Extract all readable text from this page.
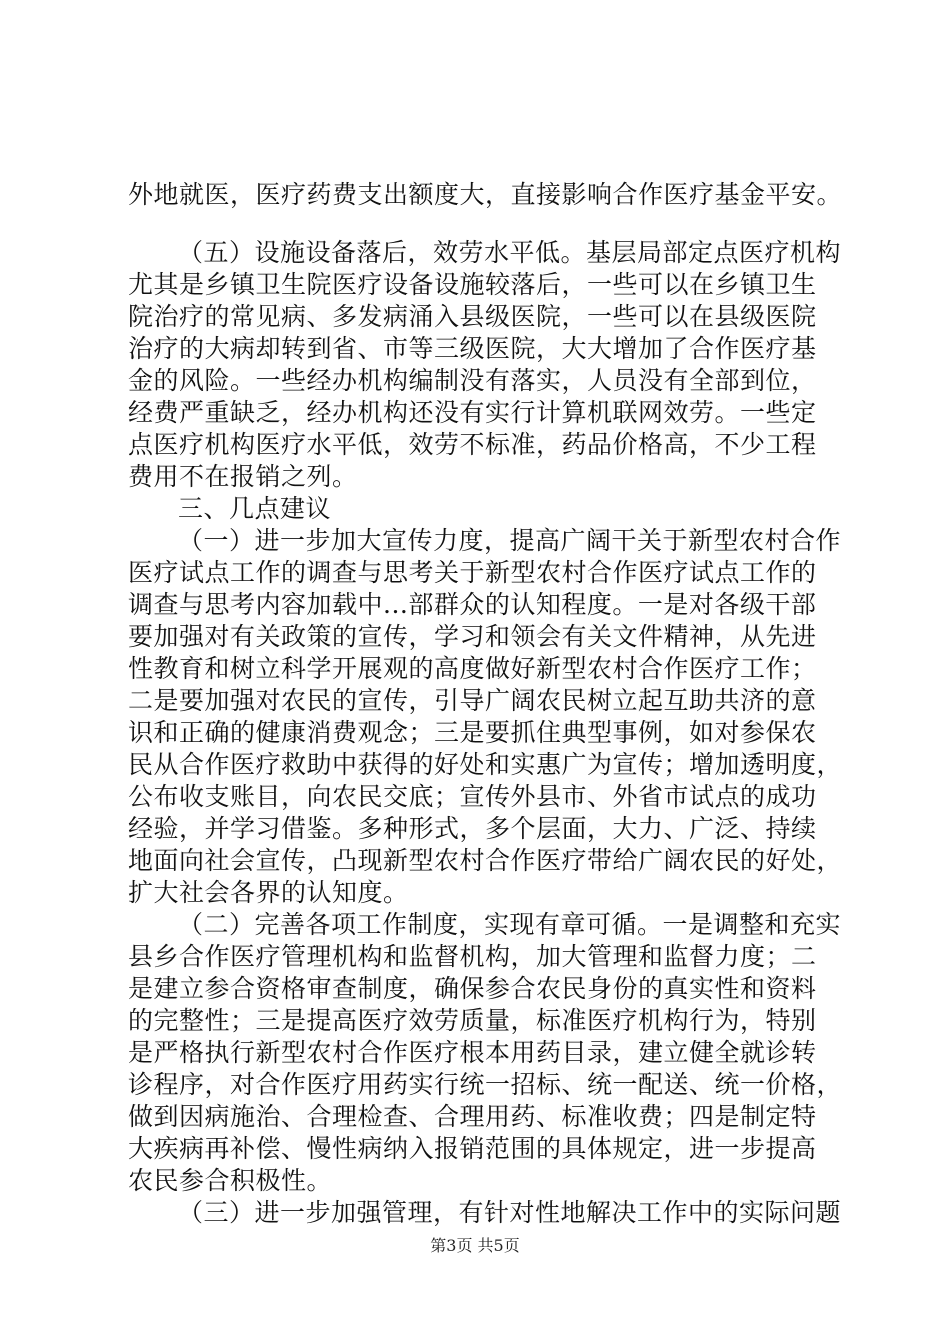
外地就医，医疗药费支出额度大，直接影响合作医疗基金平安。
（五）设施设备落后，效劳水平低。基层局部定点医疗机构
尤其是乡镇卫生院医疗设备设施较落后，一些可以在乡镇卫生
院治疗的常见病、多发病涌入县级医院，一些可以在县级医院
治疗的大病却转到省、市等三级医院，大大增加了合作医疗基
金的风险。一些经办机构编制没有落实，人员没有全部到位，
经费严重缺乏，经办机构还没有实行计算机联网效劳。一些定
点医疗机构医疗水平低，效劳不标准，药品价格高，不少工程
费用不在报销之列。
三、几点建议
（一）进一步加大宣传力度，提高广阔干关于新型农村合作
医疗试点工作的调查与思考关于新型农村合作医疗试点工作的
调查与思考内容加载中...部群众的认知程度。一是对各级干部
要加强对有关政策的宣传，学习和领会有关文件精神，从先进
性教育和树立科学开展观的高度做好新型农村合作医疗工作；
二是要加强对农民的宣传，引导广阔农民树立起互助共济的意
识和正确的健康消费观念；三是要抓住典型事例，如对参保农
民从合作医疗救助中获得的好处和实惠广为宣传；增加透明度，
公布收支账目，向农民交底；宣传外县市、外省市试点的成功
经验，并学习借鉴。多种形式，多个层面，大力、广泛、持续
地面向社会宣传，凸现新型农村合作医疗带给广阔农民的好处，
扩大社会各界的认知度。
（二）完善各项工作制度，实现有章可循。一是调整和充实
县乡合作医疗管理机构和监督机构，加大管理和监督力度；二
是建立参合资格审查制度，确保参合农民身份的真实性和资料
的完整性；三是提高医疗效劳质量，标准医疗机构行为，特别
是严格执行新型农村合作医疗根本用药目录，建立健全就诊转
诊程序，对合作医疗用药实行统一招标、统一配送、统一价格，
做到因病施治、合理检查、合理用药、标准收费；四是制定特
大疾病再补偿、慢性病纳入报销范围的具体规定，进一步提高
农民参合积极性。
（三）进一步加强管理，有针对性地解决工作中的实际问题
第3页 共5页
